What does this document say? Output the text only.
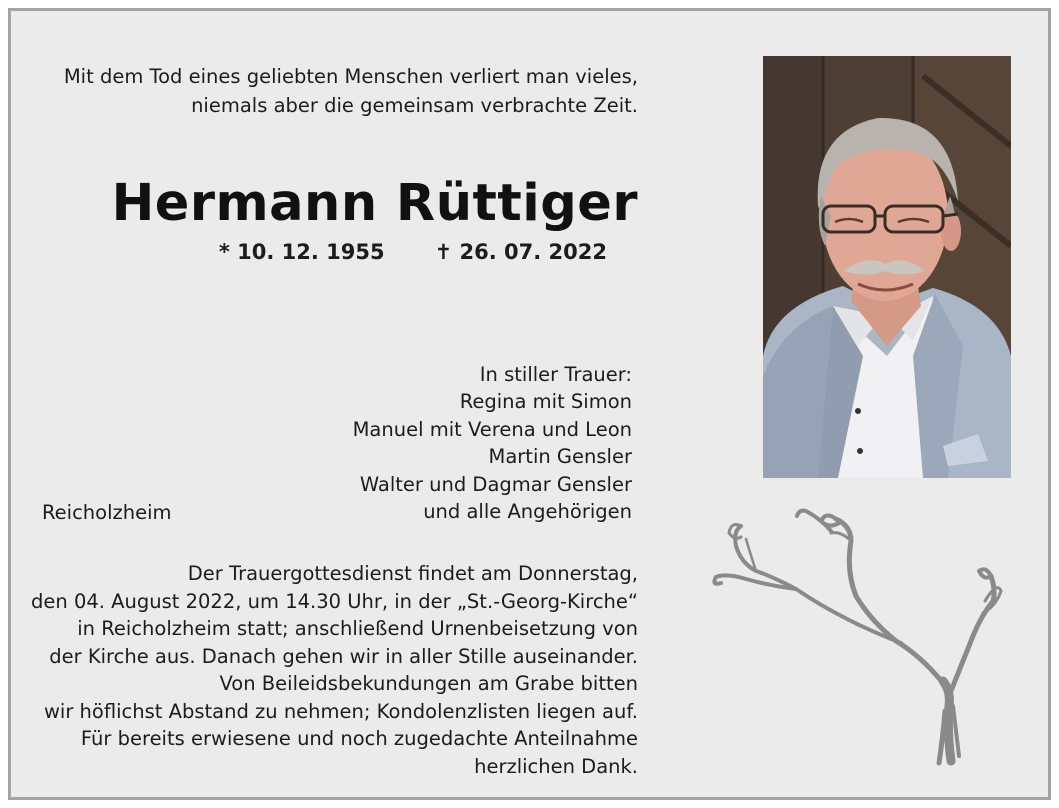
Mit dem Tod eines geliebten Menschen verliert man vieles,
niemals aber die gemeinsam verbrachte Zeit.
Hermann Rüttiger
* 10. 12. 1955 ✝ 26. 07. 2022
In stiller Trauer:
Regina mit Simon
Manuel mit Verena und Leon
Martin Gensler
Walter und Dagmar Gensler
und alle Angehörigen
Reicholzheim
Der Trauergottesdienst findet am Donnerstag,
den 04. August 2022, um 14.30 Uhr, in der „St.-Georg-Kirche“
in Reicholzheim statt; anschließend Urnenbeisetzung von
der Kirche aus. Danach gehen wir in aller Stille auseinander.
Von Beileidsbekundungen am Grabe bitten
wir höflichst Abstand zu nehmen; Kondolenzlisten liegen auf.
Für bereits erwiesene und noch zugedachte Anteilnahme
herzlichen Dank.
